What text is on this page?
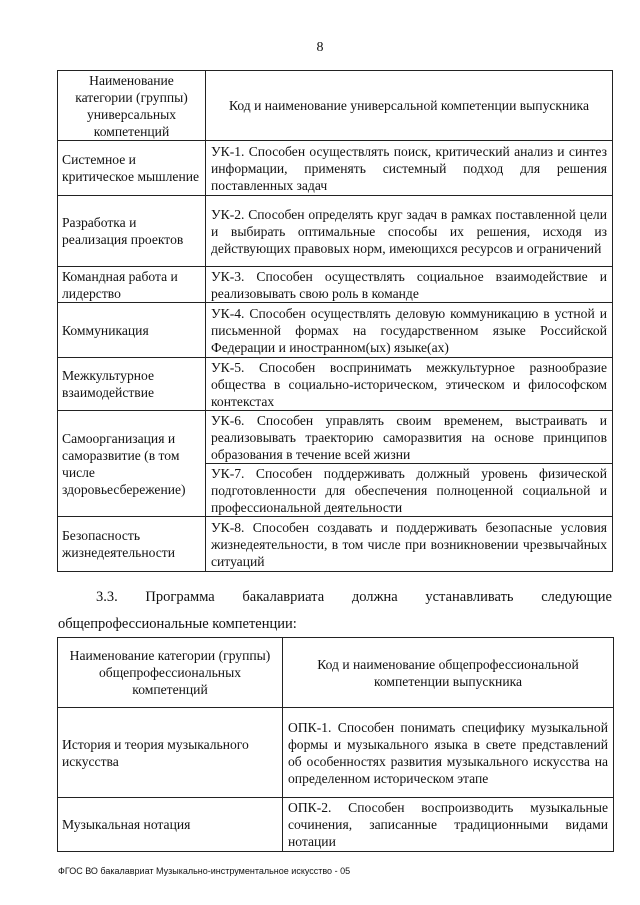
8
Наименование категории (группы) универсальных компетенций	Код и наименование универсальной компетенции выпускника
Системное и критическое мышление	УК-1. Способен осуществлять поиск, критический анализ и синтез информации, применять системный подход для решения поставленных задач
Разработка и реализация проектов	УК-2. Способен определять круг задач в рамках поставленной цели и выбирать оптимальные способы их решения, исходя из действующих правовых норм, имеющихся ресурсов и ограничений
Командная работа и лидерство	УК-3. Способен осуществлять социальное взаимодействие и реализовывать свою роль в команде
Коммуникация	УК-4. Способен осуществлять деловую коммуникацию в устной и письменной формах на государственном языке Российской Федерации и иностранном(ых) языке(ах)
Межкультурное взаимодействие	УК-5. Способен воспринимать межкультурное разнообразие общества в социально-историческом, этическом и философском контекстах
Самоорганизация и саморазвитие (в том числе здоровьесбережение)	УК-6. Способен управлять своим временем, выстраивать и реализовывать траекторию саморазвития на основе принципов образования в течение всей жизни
	УК-7. Способен поддерживать должный уровень физической подготовленности для обеспечения полноценной социальной и профессиональной деятельности
Безопасность жизнедеятельности	УК-8. Способен создавать и поддерживать безопасные условия жизнедеятельности, в том числе при возникновении чрезвычайных ситуаций
3.3. Программа бакалавриата должна устанавливать следующие
общепрофессиональные компетенции:
Наименование категории (группы) общепрофессиональных компетенций	Код и наименование общепрофессиональной компетенции выпускника
История и теория музыкального искусства	ОПК-1. Способен понимать специфику музыкальной формы и музыкального языка в свете представлений об особенностях развития музыкального искусства на определенном историческом этапе
Музыкальная нотация	ОПК-2. Способен воспроизводить музыкальные сочинения, записанные традиционными видами нотации
ФГОС ВО бакалавриат Музыкально-инструментальное искусство - 05
